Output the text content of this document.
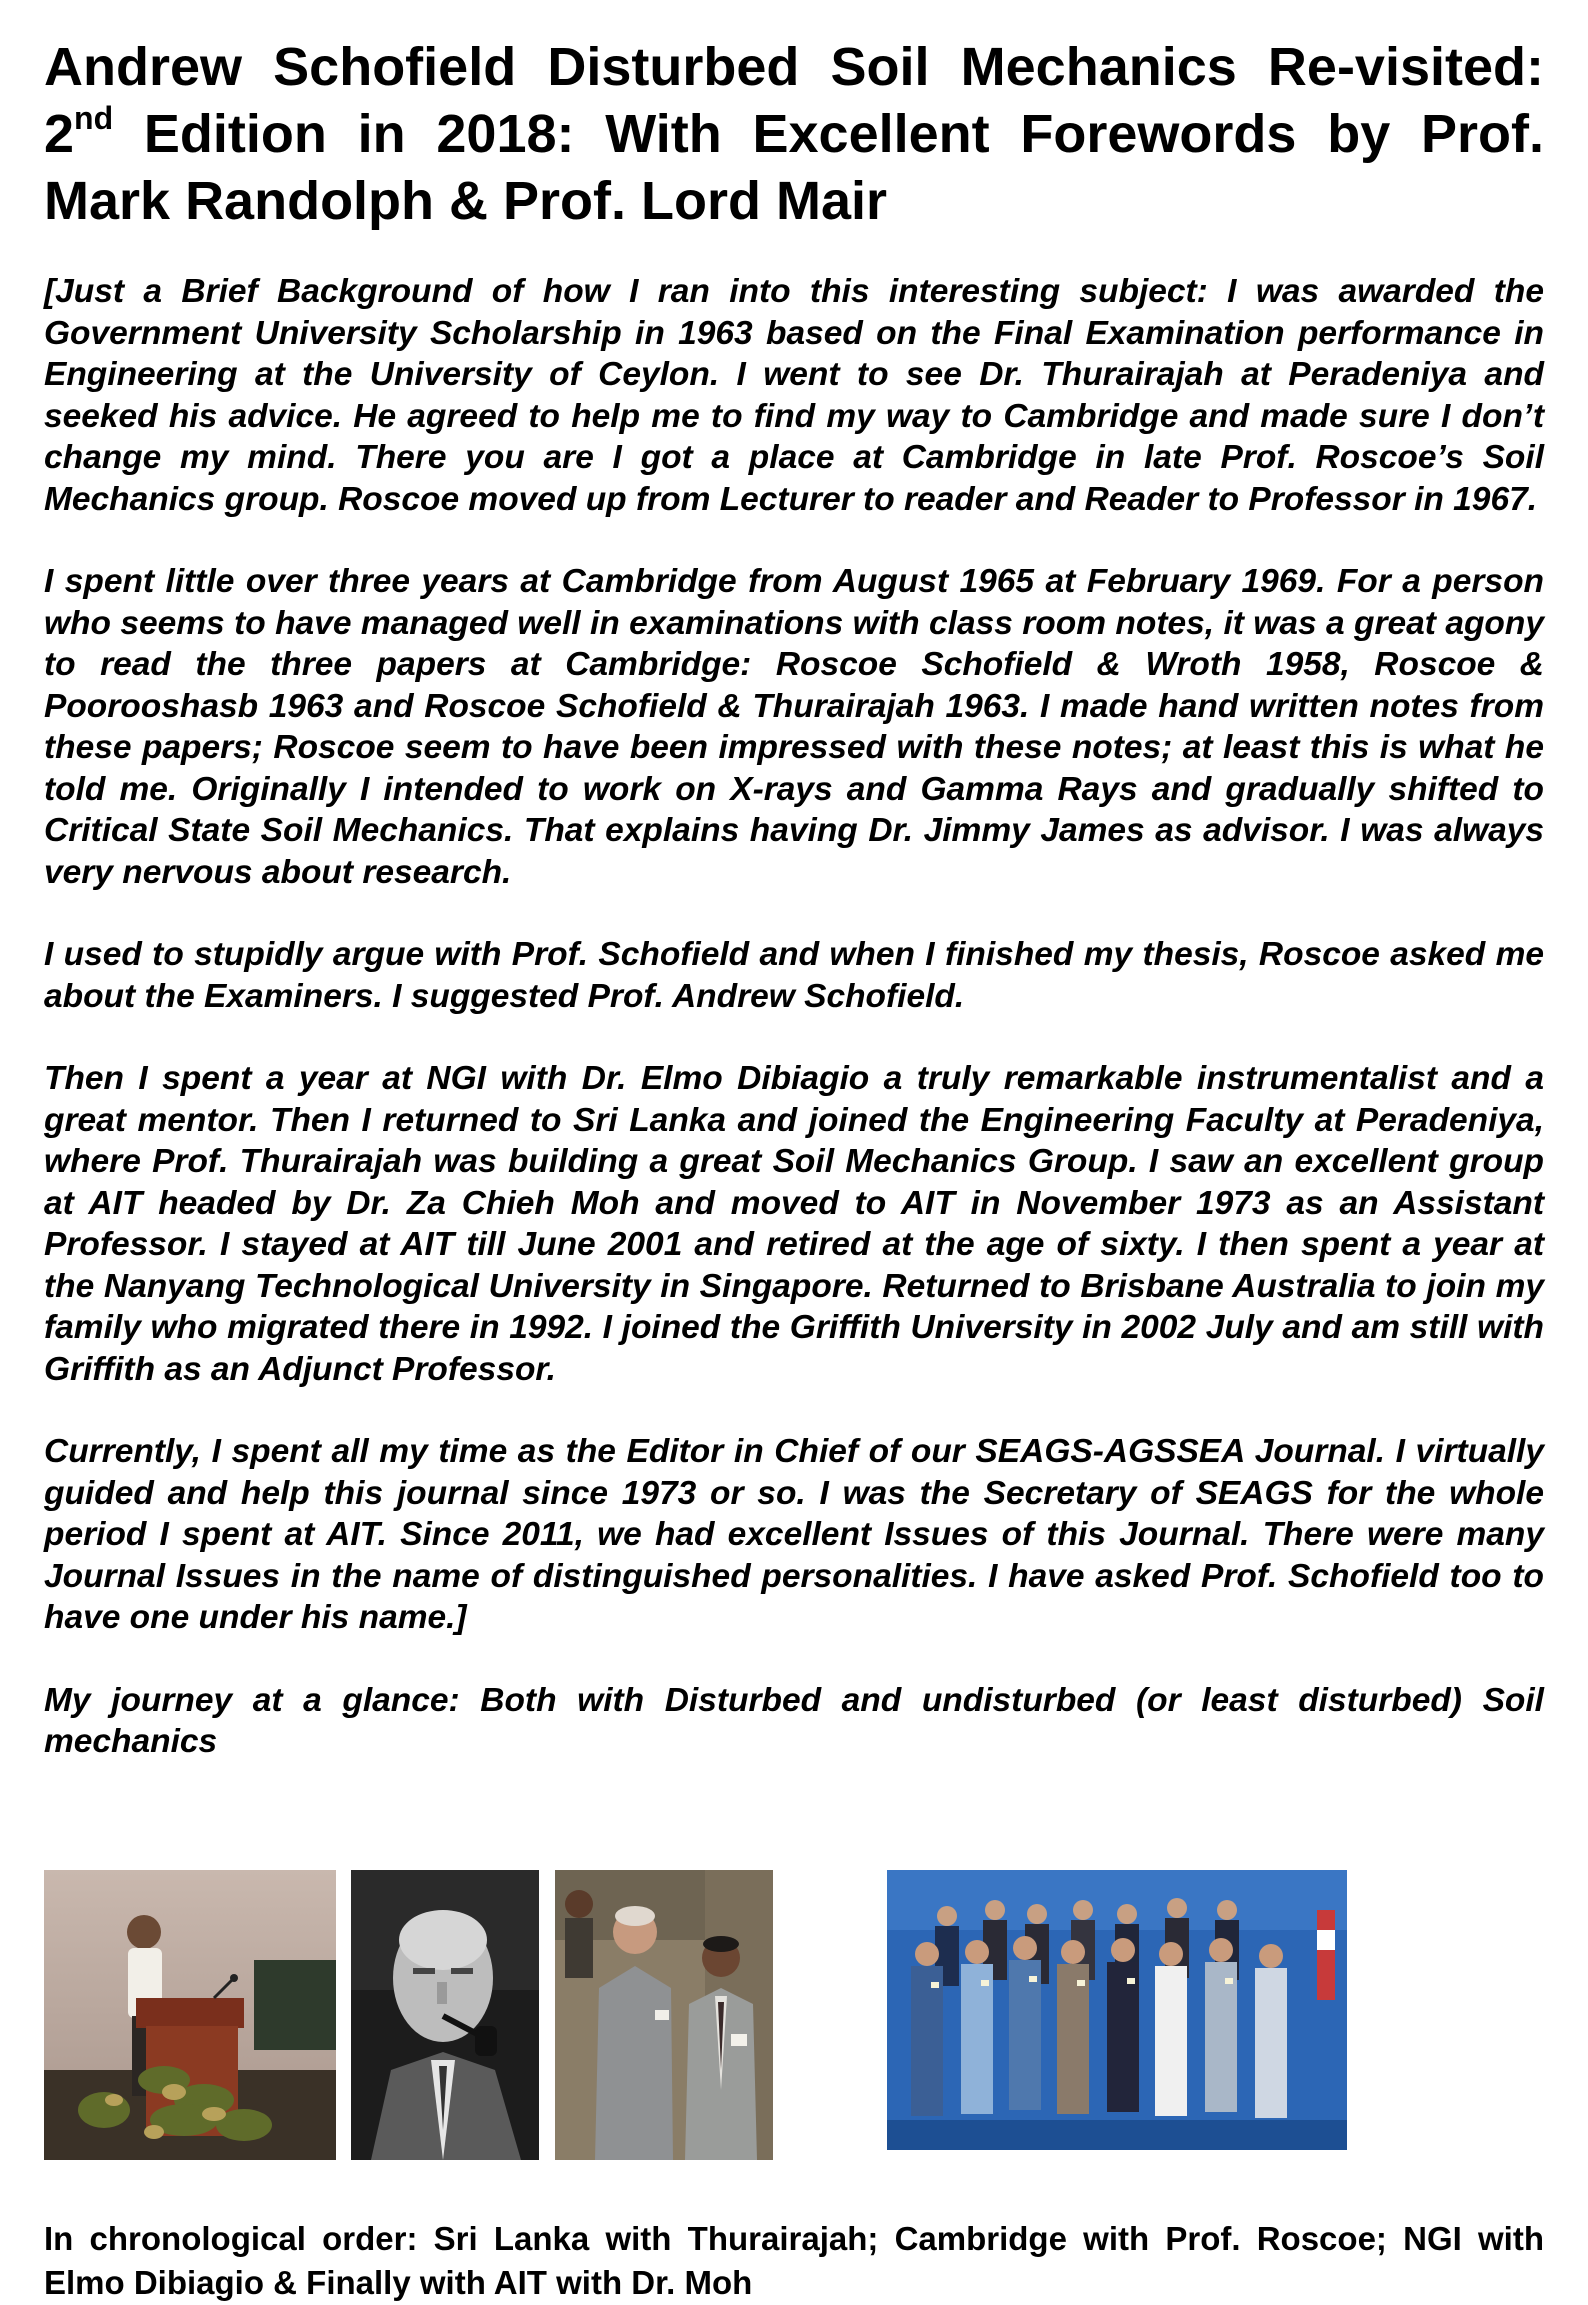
Andrew Schofield Disturbed Soil Mechanics Re-visited: 2nd Edition in 2018: With Excellent Forewords by Prof. Mark Randolph & Prof. Lord Mair

[Just a Brief Background of how I ran into this interesting subject: I was awarded the Government University Scholarship in 1963 based on the Final Examination performance in Engineering at the University of Ceylon. I went to see Dr. Thurairajah at Peradeniya and seeked his advice. He agreed to help me to find my way to Cambridge and made sure I don’t change my mind. There you are I got a place at Cambridge in late Prof. Roscoe’s Soil Mechanics group. Roscoe moved up from Lecturer to reader and Reader to Professor in 1967.

I spent little over three years at Cambridge from August 1965 at February 1969. For a person who seems to have managed well in examinations with class room notes, it was a great agony to read the three papers at Cambridge: Roscoe Schofield & Wroth 1958, Roscoe & Poorooshasb 1963 and Roscoe Schofield & Thurairajah 1963. I made hand written notes from these papers; Roscoe seem to have been impressed with these notes; at least this is what he told me. Originally I intended to work on X-rays and Gamma Rays and gradually shifted to Critical State Soil Mechanics. That explains having Dr. Jimmy James as advisor. I was always very nervous about research.

I used to stupidly argue with Prof. Schofield and when I finished my thesis, Roscoe asked me about the Examiners. I suggested Prof. Andrew Schofield.

Then I spent a year at NGI with Dr. Elmo Dibiagio a truly remarkable instrumentalist and a great mentor. Then I returned to Sri Lanka and joined the Engineering Faculty at Peradeniya, where Prof. Thurairajah was building a great Soil Mechanics Group. I saw an excellent group at AIT headed by Dr. Za Chieh Moh and moved to AIT in November 1973 as an Assistant Professor. I stayed at AIT till June 2001 and retired at the age of sixty. I then spent a year at the Nanyang Technological University in Singapore. Returned to Brisbane Australia to join my family who migrated there in 1992. I joined the Griffith University in 2002 July and am still with Griffith as an Adjunct Professor.

Currently, I spent all my time as the Editor in Chief of our SEAGS-AGSSEA Journal. I virtually guided and help this journal since 1973 or so. I was the Secretary of SEAGS for the whole period I spent at AIT. Since 2011, we had excellent Issues of this Journal. There were many Journal Issues in the name of distinguished personalities. I have asked Prof. Schofield too to have one under his name.]

My journey at a glance: Both with Disturbed and undisturbed (or least disturbed) Soil mechanics

In chronological order: Sri Lanka with Thurairajah; Cambridge with Prof. Roscoe; NGI with Elmo Dibiagio & Finally with AIT with Dr. Moh
